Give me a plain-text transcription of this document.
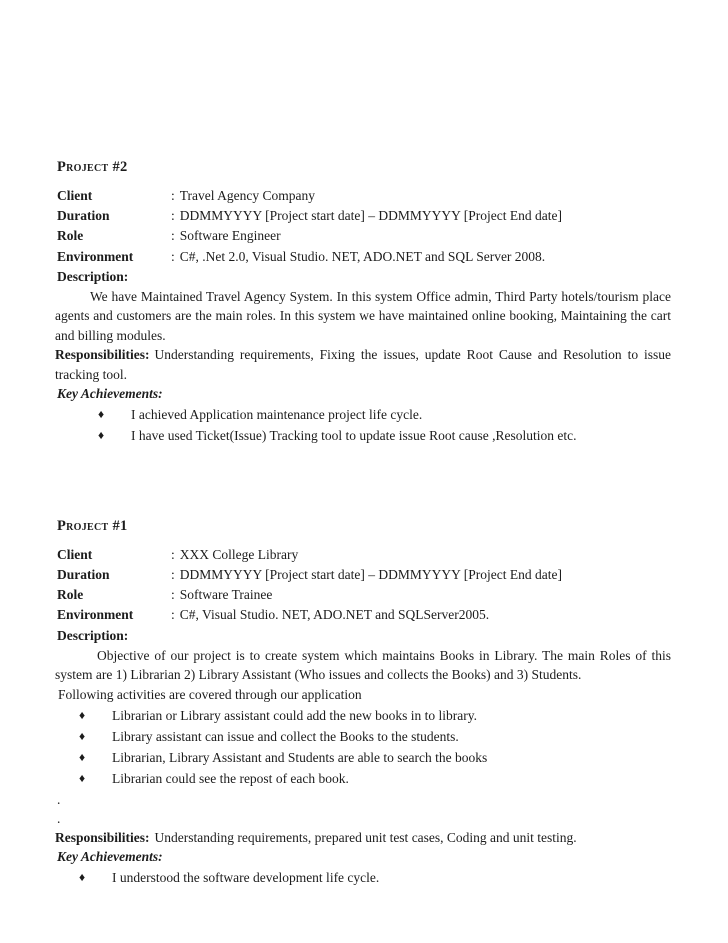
Project #2
Client	: Travel Agency Company
Duration	: DDMMYYYY [Project start date] – DDMMYYYY [Project End date]
Role	: Software Engineer
Environment	: C#, .Net 2.0, Visual Studio. NET, ADO.NET and SQL Server 2008.
Description:

We have Maintained Travel Agency System. In this system Office admin, Third Party hotels/tourism place agents and customers are the main roles. In this system we have maintained online booking, Maintaining the cart and billing modules.

Responsibilities: Understanding requirements, Fixing the issues, update Root Cause and Resolution to issue tracking tool.

Key Achievements:
♦ I achieved Application maintenance project life cycle.
♦ I have used Ticket(Issue) Tracking tool to update issue Root cause ,Resolution etc.
Project #1
Client	: XXX College Library
Duration	: DDMMYYYY [Project start date] – DDMMYYYY [Project End date]
Role	: Software Trainee
Environment	: C#, Visual Studio. NET, ADO.NET and SQLServer2005.
Description:

Objective of our project is to create system which maintains Books in Library. The main Roles of this system are 1) Librarian 2) Library Assistant (Who issues and collects the Books) and 3) Students.

Following activities are covered through our application

♦ Librarian or Library assistant could add the new books in to library.
♦ Library assistant can issue and collect the Books to the students.
♦ Librarian, Library Assistant and Students are able to search the books
♦ Librarian could see the repost of each book.
.
.

Responsibilities: Understanding requirements, prepared unit test cases, Coding and unit testing.

Key Achievements:
♦ I understood the software development life cycle.
